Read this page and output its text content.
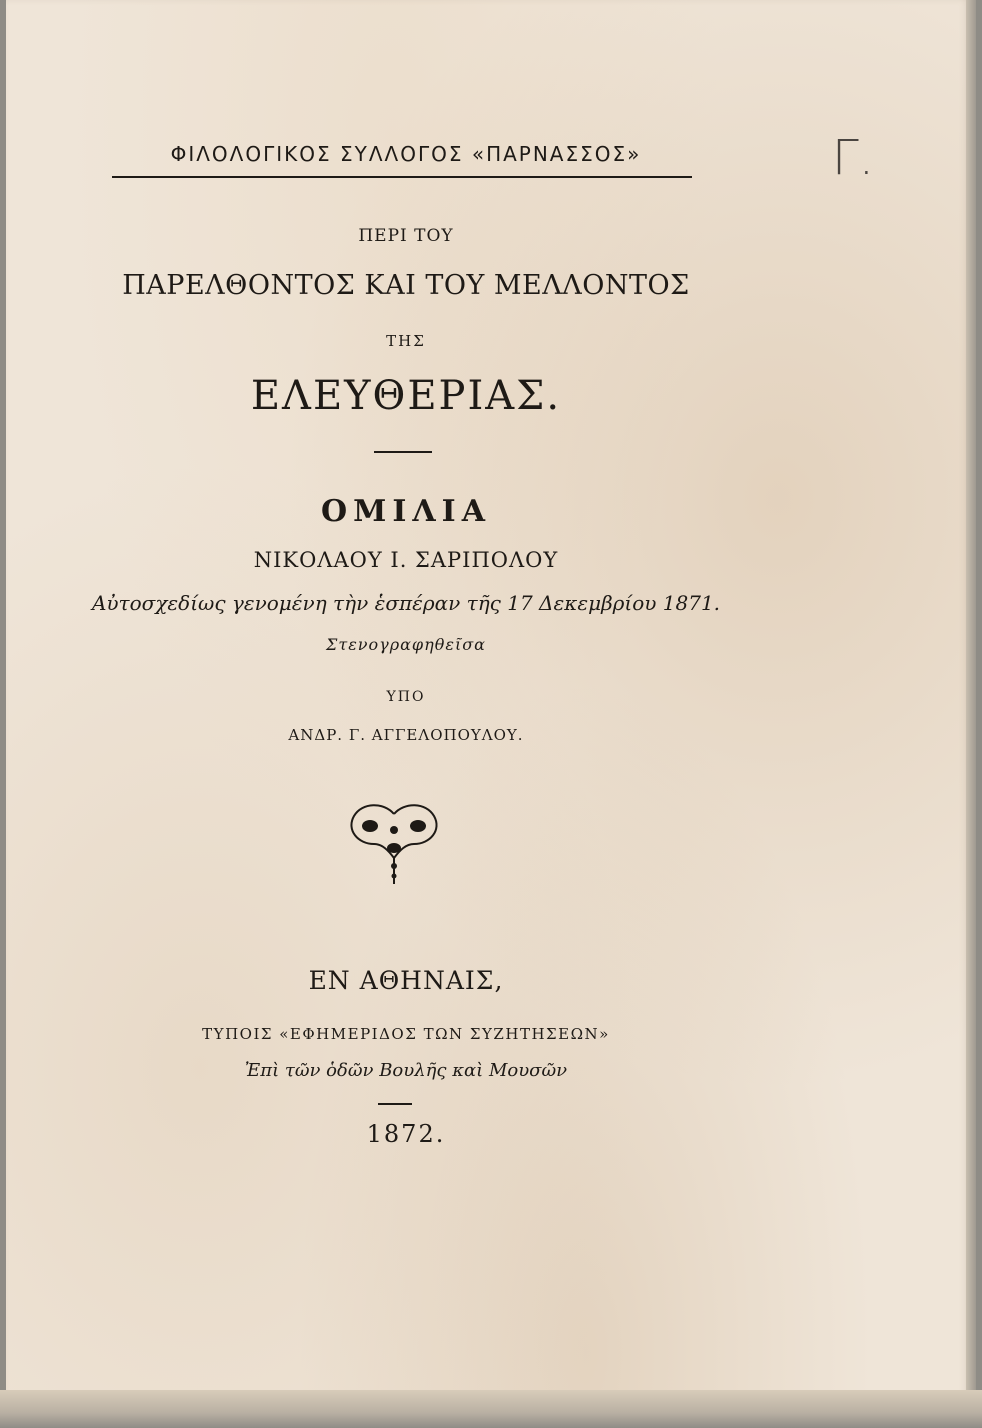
ΦΙΛΟΛΟΓΙΚΟΣ ΣΥΛΛΟΓΟΣ «ΠΑΡΝΑΣΣΟΣ»
ΠΕΡΙ ΤΟΥ
ΠΑΡΕΛΘΟΝΤΟΣ ΚΑΙ ΤΟΥ ΜΕΛΛΟΝΤΟΣ
ΤΗΣ
ΕΛΕΥΘΕΡΙΑΣ.
ΟΜΙΛΙΑ
ΝΙΚΟΛΑΟΥ Ι. ΣΑΡΙΠΟΛΟΥ
Αὐτοσχεδίως γενομένη τὴν ἑσπέραν τῆς 17 Δεκεμβρίου 1871.
Στενογραφηθεῖσα
ΥΠΟ
ΑΝΔΡ. Γ. ΑΓΓΕΛΟΠΟΥΛΟΥ.
ΕΝ ΑΘΗΝΑΙΣ,
ΤΥΠΟΙΣ «ΕΦΗΜΕΡΙΔΟΣ ΤΩΝ ΣΥΖΗΤΗΣΕΩΝ»
Ἐπὶ τῶν ὁδῶν Βουλῆς καὶ Μουσῶν
1872.
Γ.
